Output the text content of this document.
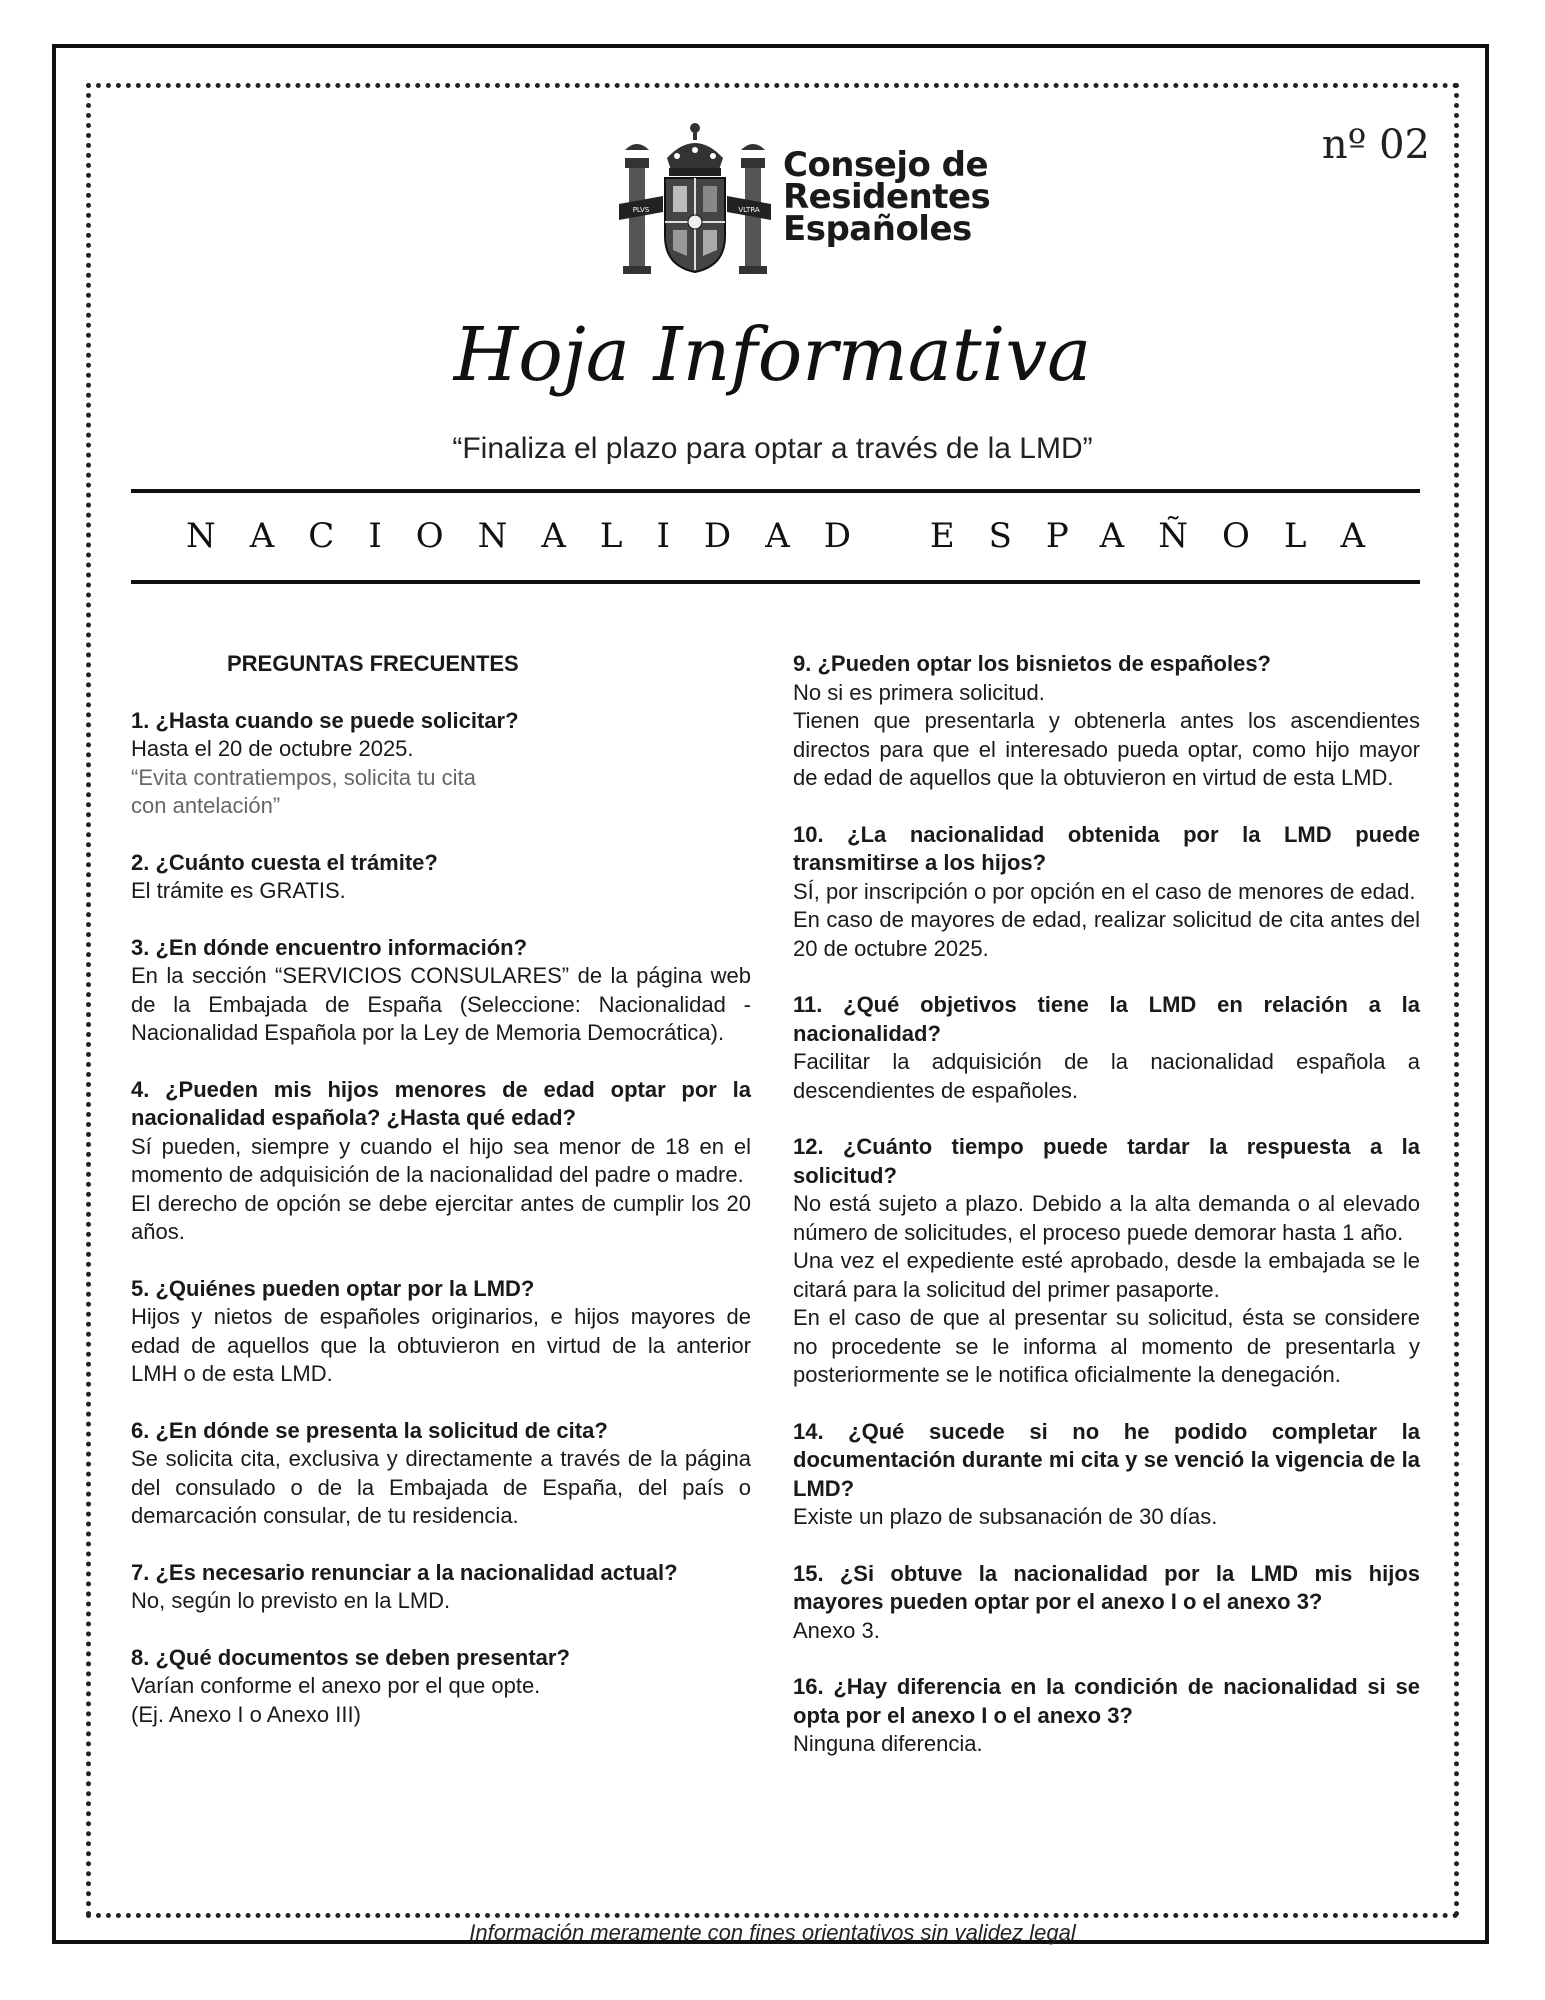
nº 02
PLVS	VLTRA
Consejo de
Residentes
Españoles
Hoja Informativa
“Finaliza el plazo para optar a través de la LMD”
NACIONALIDAD ESPAÑOLA
PREGUNTAS FRECUENTES
1. ¿Hasta cuando se puede solicitar?
Hasta el 20 de octubre 2025.
“Evita contratiempos, solicita tu cita
con antelación”
2. ¿Cuánto cuesta el trámite?
El trámite es GRATIS.
3. ¿En dónde encuentro información?
En la sección “SERVICIOS CONSULARES” de la página web de la Embajada de España (Seleccione: Nacionalidad - Nacionalidad Española por la Ley de Memoria Democrática).
4. ¿Pueden mis hijos menores de edad optar por la nacionalidad española? ¿Hasta qué edad?
Sí pueden, siempre y cuando el hijo sea menor de 18 en el momento de adquisición de la nacionalidad del padre o madre.
El derecho de opción se debe ejercitar antes de cumplir los 20 años.
5. ¿Quiénes pueden optar por la LMD?
Hijos y nietos de españoles originarios, e hijos mayores de edad de aquellos que la obtuvieron en virtud de la anterior LMH o de esta LMD.
6. ¿En dónde se presenta la solicitud de cita?
Se solicita cita, exclusiva y directamente a través de la página del consulado o de la Embajada de España, del país o demarcación consular, de tu residencia.
7. ¿Es necesario renunciar a la nacionalidad actual?
No, según lo previsto en la LMD.
8. ¿Qué documentos se deben presentar?
Varían conforme el anexo por el que opte.
(Ej. Anexo I o Anexo III)
9. ¿Pueden optar los bisnietos de españoles?
No si es primera solicitud.
Tienen que presentarla y obtenerla antes los ascendientes directos para que el interesado pueda optar, como hijo mayor de edad de aquellos que la obtuvieron en virtud de esta LMD.
10. ¿La nacionalidad obtenida por la LMD puede transmitirse a los hijos?
SÍ, por inscripción o por opción en el caso de menores de edad.
En caso de mayores de edad, realizar solicitud de cita antes del 20 de octubre 2025.
11. ¿Qué objetivos tiene la LMD en relación a la nacionalidad?
Facilitar la adquisición de la nacionalidad española a descendientes de españoles.
12. ¿Cuánto tiempo puede tardar la respuesta a la solicitud?
No está sujeto a plazo. Debido a la alta demanda o al elevado número de solicitudes, el proceso puede demorar hasta 1 año.
Una vez el expediente esté aprobado, desde la embajada se le citará para la solicitud del primer pasaporte.
En el caso de que al presentar su solicitud, ésta se considere no procedente se le informa al momento de presentarla y posteriormente se le notifica oficialmente la denegación.
14. ¿Qué sucede si no he podido completar la documentación durante mi cita y se venció la vigencia de la LMD?
Existe un plazo de subsanación de 30 días.
15. ¿Si obtuve la nacionalidad por la LMD mis hijos mayores pueden optar por el anexo I o el anexo 3?
Anexo 3.
16. ¿Hay diferencia en la condición de nacionalidad si se opta por el anexo I o el anexo 3?
Ninguna diferencia.
Información meramente con fines orientativos sin validez legal
